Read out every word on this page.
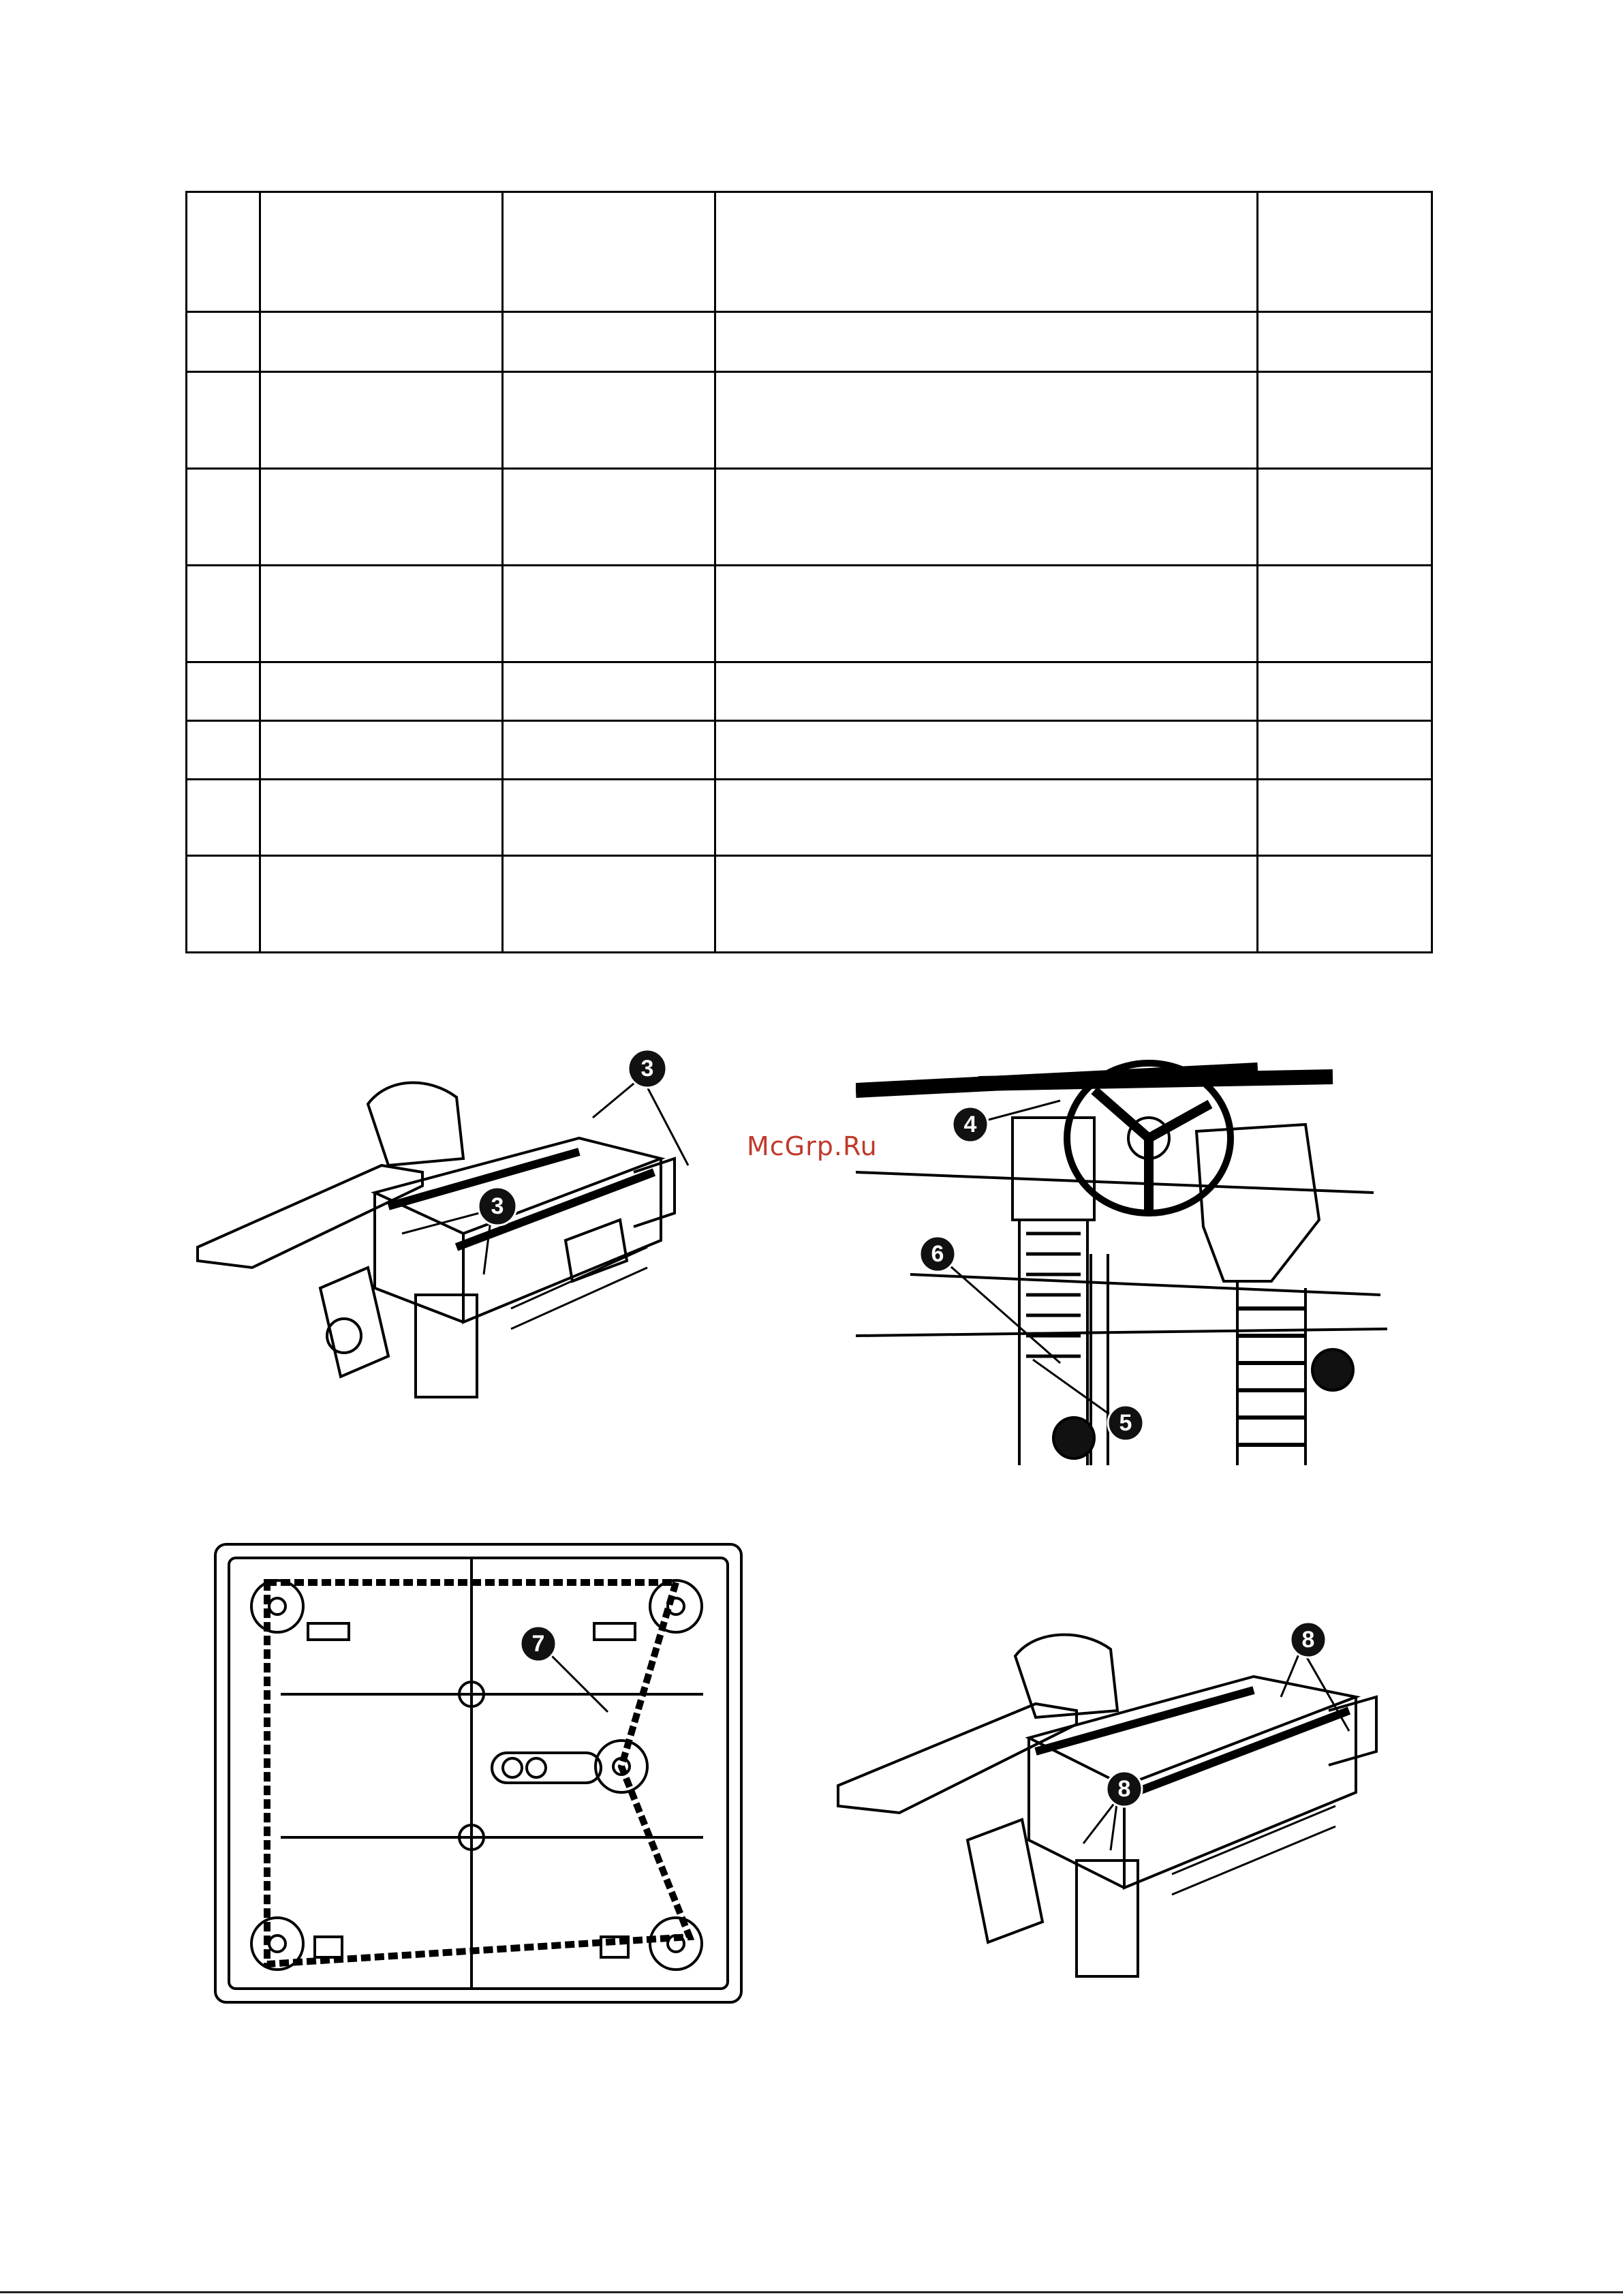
3
3
4
6
5
7	8
8
McGrp.Ru
